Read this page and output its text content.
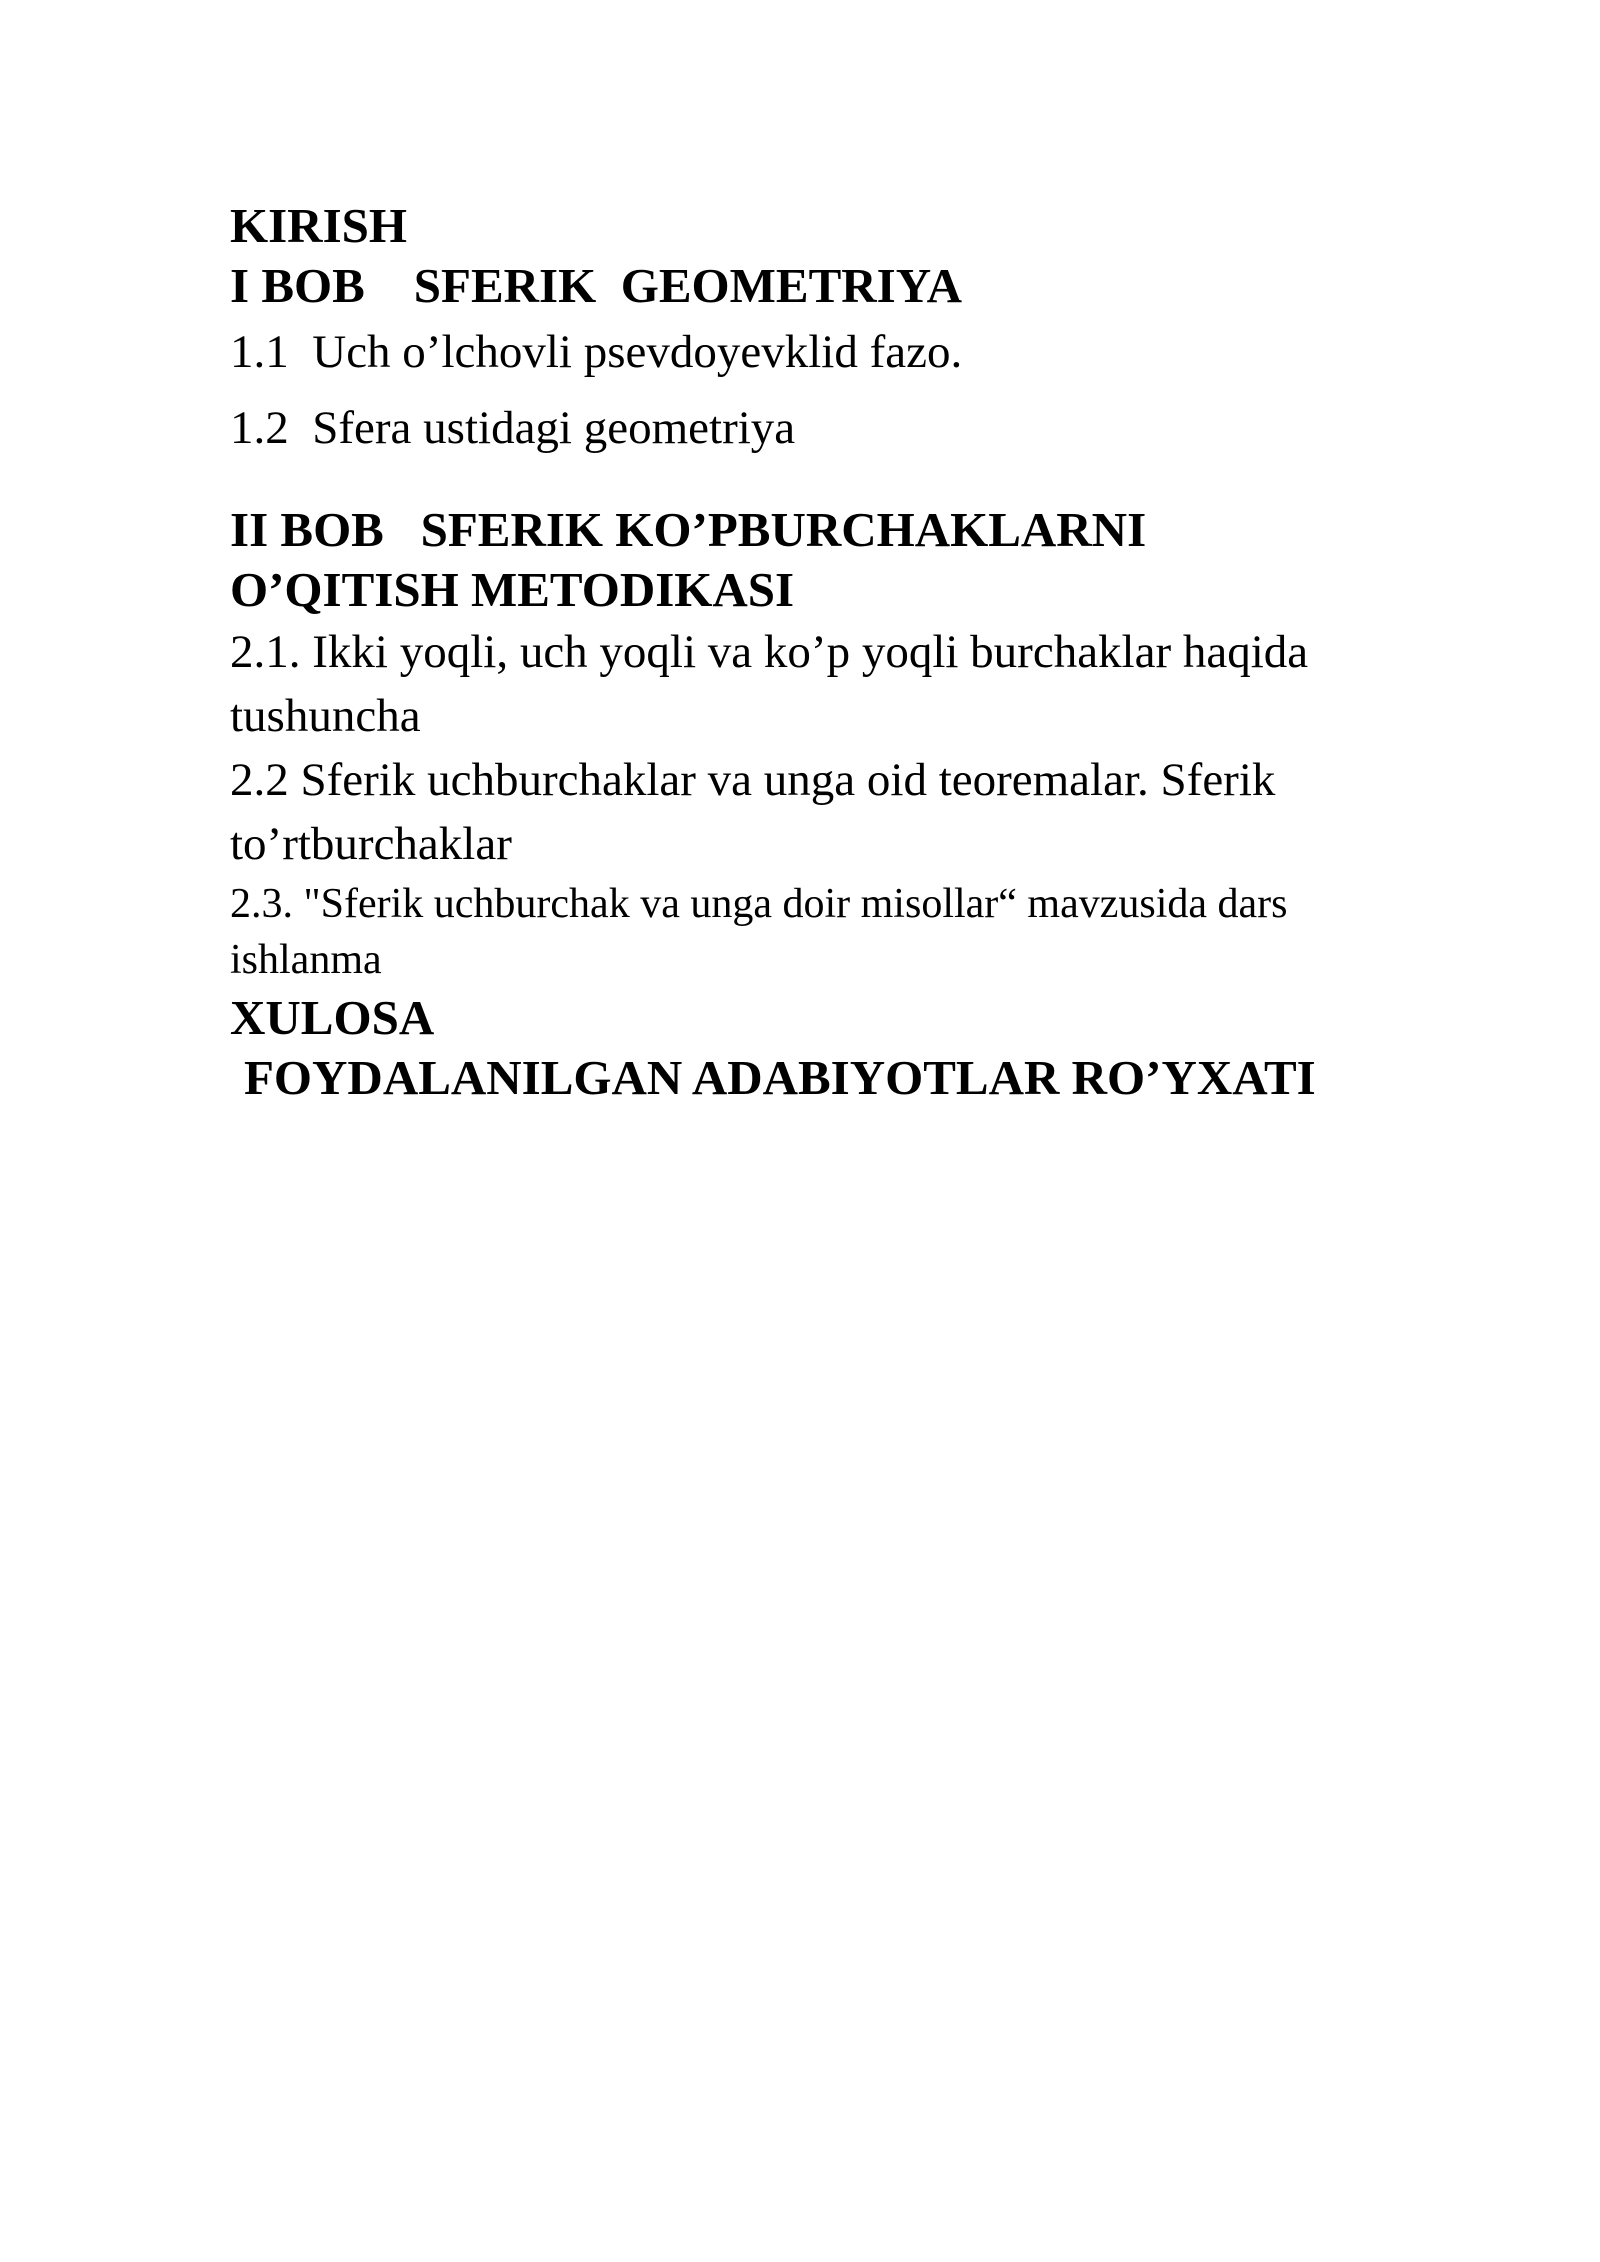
KIRISH
I BOB    SFERIK  GEOMETRIYA
1.1  Uch o’lchovli psevdoyevklid fazo.
1.2  Sfera ustidagi geometriya
II BOB   SFERIK KO’PBURCHAKLARNI
O’QITISH METODIKASI
2.1. Ikki yoqli, uch yoqli va ko’p yoqli burchaklar haqida tushuncha
2.2 Sferik uchburchaklar va unga oid teoremalar. Sferik to’rtburchaklar
2.3. "Sferik uchburchak va unga doir misollar“ mavzusida dars ishlanma
XULOSA
FOYDALANILGAN ADABIYOTLAR RO’YXATI
